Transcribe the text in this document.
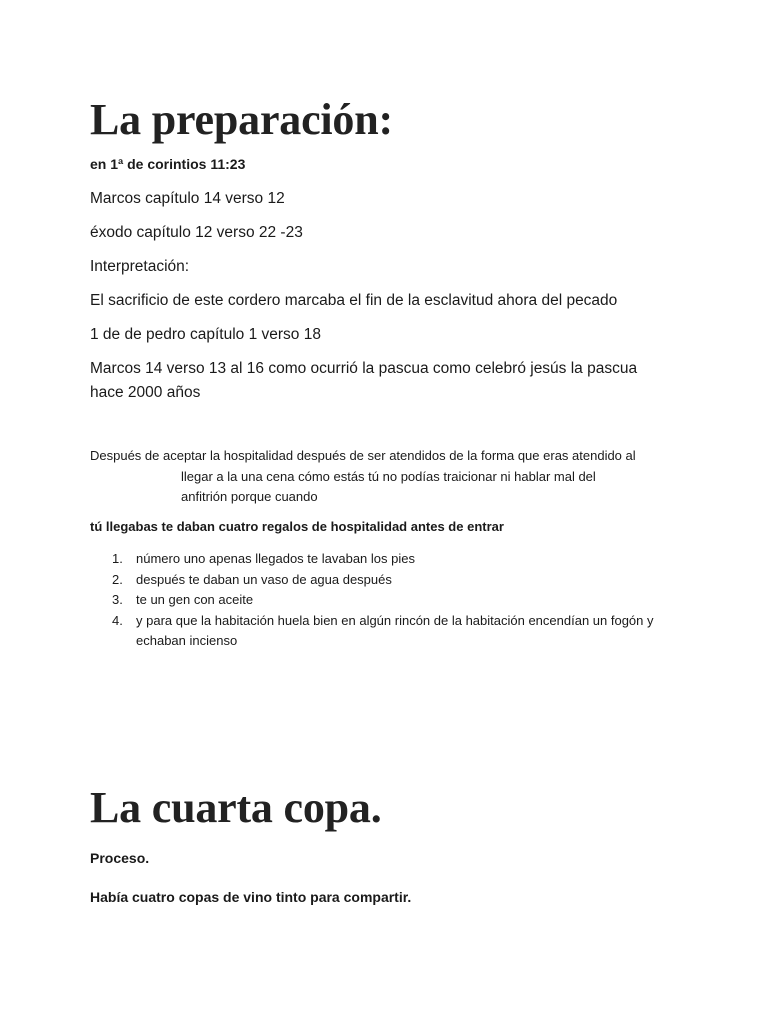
La preparación:
en 1ª de corintios 11:23
Marcos capítulo 14 verso 12
éxodo capítulo 12 verso 22 -23
Interpretación:
El sacrificio de este cordero marcaba el fin de la esclavitud ahora del pecado
1 de de pedro capítulo 1 verso 18
Marcos 14 verso 13 al 16 como ocurrió la pascua como celebró jesús la pascua
hace 2000 años
Después de aceptar la hospitalidad después de ser atendidos de la forma que eras atendido al
llegar a la una cena cómo estás tú no podías traicionar ni hablar mal del
anfitrión porque cuando
tú llegabas te daban cuatro regalos de hospitalidad antes de entrar
1. número uno apenas llegados te lavaban los pies
2. después te daban un vaso de agua después
3. te un gen con aceite
4. y para que la habitación huela bien en algún rincón de la habitación encendían un fogón y echaban incienso
La cuarta copa.
Proceso.
Había cuatro copas de vino tinto para compartir.
